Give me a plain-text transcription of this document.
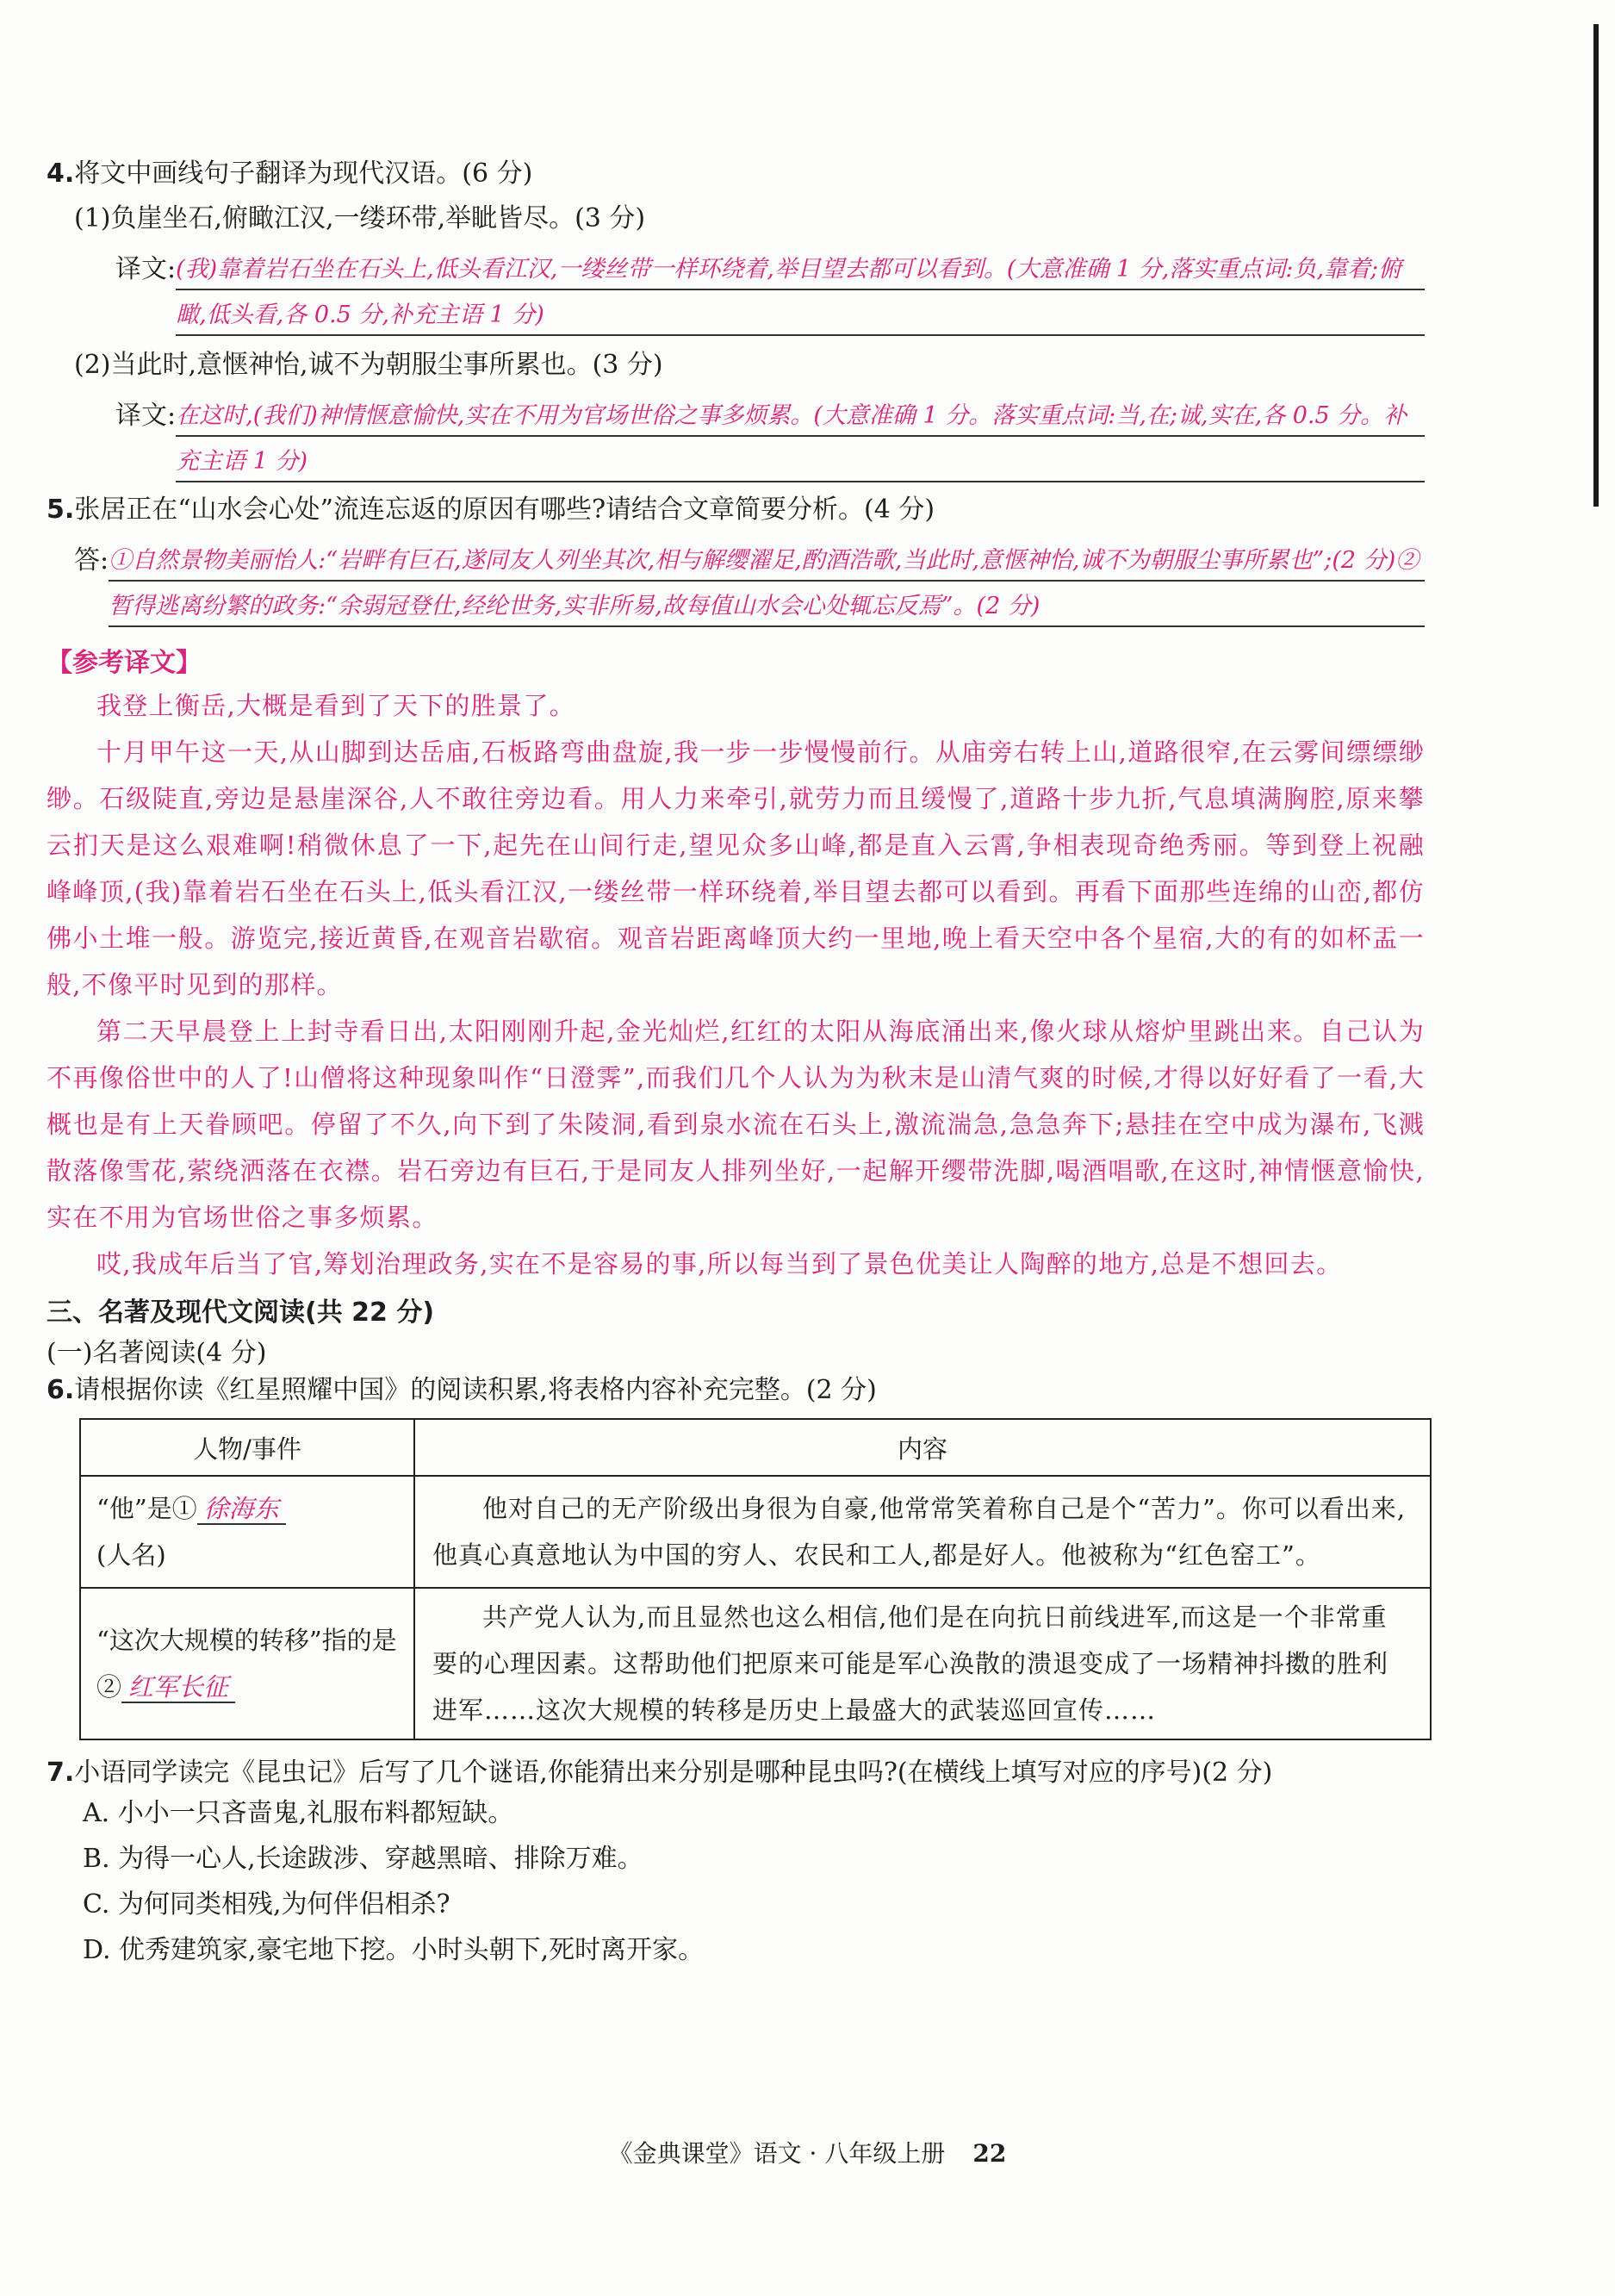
4.将文中画线句子翻译为现代汉语。(6 分)
(1)负崖坐石,俯瞰江汉,一缕环带,举眦皆尽。(3 分)
译文: (我)靠着岩石坐在石头上,低头看江汉,一缕丝带一样环绕着,举目望去都可以看到。(大意准确 1 分,落实重点词:负,靠着;俯瞰,低头看,各 0.5 分,补充主语 1 分)
(2)当此时,意惬神怡,诚不为朝服尘事所累也。(3 分)
译文: 在这时,(我们)神情惬意愉快,实在不用为官场世俗之事多烦累。(大意准确 1 分。落实重点词:当,在;诚,实在,各 0.5 分。补充主语 1 分)
5.张居正在“山水会心处”流连忘返的原因有哪些?请结合文章简要分析。(4 分)
答: ①自然景物美丽怡人:“岩畔有巨石,遂同友人列坐其次,相与解缨濯足,酌酒浩歌,当此时,意惬神怡,诚不为朝服尘事所累也”;(2 分)②暂得逃离纷繁的政务:“余弱冠登仕,经纶世务,实非所易,故每值山水会心处辄忘反焉”。(2 分)
【参考译文】
我登上衡岳,大概是看到了天下的胜景了。
十月甲午这一天,从山脚到达岳庙,石板路弯曲盘旋,我一步一步慢慢前行。从庙旁右转上山,道路很窄,在云雾间缥缥缈缈。石级陡直,旁边是悬崖深谷,人不敢往旁边看。用人力来牵引,就劳力而且缓慢了,道路十步九折,气息填满胸腔,原来攀云扪天是这么艰难啊!稍微休息了一下,起先在山间行走,望见众多山峰,都是直入云霄,争相表现奇绝秀丽。等到登上祝融峰峰顶,(我)靠着岩石坐在石头上,低头看江汉,一缕丝带一样环绕着,举目望去都可以看到。再看下面那些连绵的山峦,都仿佛小土堆一般。游览完,接近黄昏,在观音岩歇宿。观音岩距离峰顶大约一里地,晚上看天空中各个星宿,大的有的如杯盂一般,不像平时见到的那样。
第二天早晨登上上封寺看日出,太阳刚刚升起,金光灿烂,红红的太阳从海底涌出来,像火球从熔炉里跳出来。自己认为不再像俗世中的人了!山僧将这种现象叫作“日澄霁”,而我们几个人认为为秋末是山清气爽的时候,才得以好好看了一看,大概也是有上天眷顾吧。停留了不久,向下到了朱陵洞,看到泉水流在石头上,激流湍急,急急奔下;悬挂在空中成为瀑布,飞溅散落像雪花,萦绕洒落在衣襟。岩石旁边有巨石,于是同友人排列坐好,一起解开缨带洗脚,喝酒唱歌,在这时,神情惬意愉快,实在不用为官场世俗之事多烦累。
哎,我成年后当了官,筹划治理政务,实在不是容易的事,所以每当到了景色优美让人陶醉的地方,总是不想回去。
三、名著及现代文阅读(共 22 分)
(一)名著阅读(4 分)
6.请根据你读《红星照耀中国》的阅读积累,将表格内容补充完整。(2 分)
人物/事件	内容
“他”是① 徐海东
(人名)	他对自己的无产阶级出身很为自豪,他常常笑着称自己是个“苦力”。你可以看出来,他真心真意地认为中国的穷人、农民和工人,都是好人。他被称为“红色窑工”。
“这次大规模的转移”指的是② 红军长征	共产党人认为,而且显然也这么相信,他们是在向抗日前线进军,而这是一个非常重要的心理因素。这帮助他们把原来可能是军心涣散的溃退变成了一场精神抖擞的胜利进军……这次大规模的转移是历史上最盛大的武装巡回宣传……
7.小语同学读完《昆虫记》后写了几个谜语,你能猜出来分别是哪种昆虫吗?(在横线上填写对应的序号)(2 分)
A. 小小一只吝啬鬼,礼服布料都短缺。
B. 为得一心人,长途跋涉、穿越黑暗、排除万难。
C. 为何同类相残,为何伴侣相杀?
D. 优秀建筑家,豪宅地下挖。小时头朝下,死时离开家。
《金典课堂》语文 · 八年级上册 22
